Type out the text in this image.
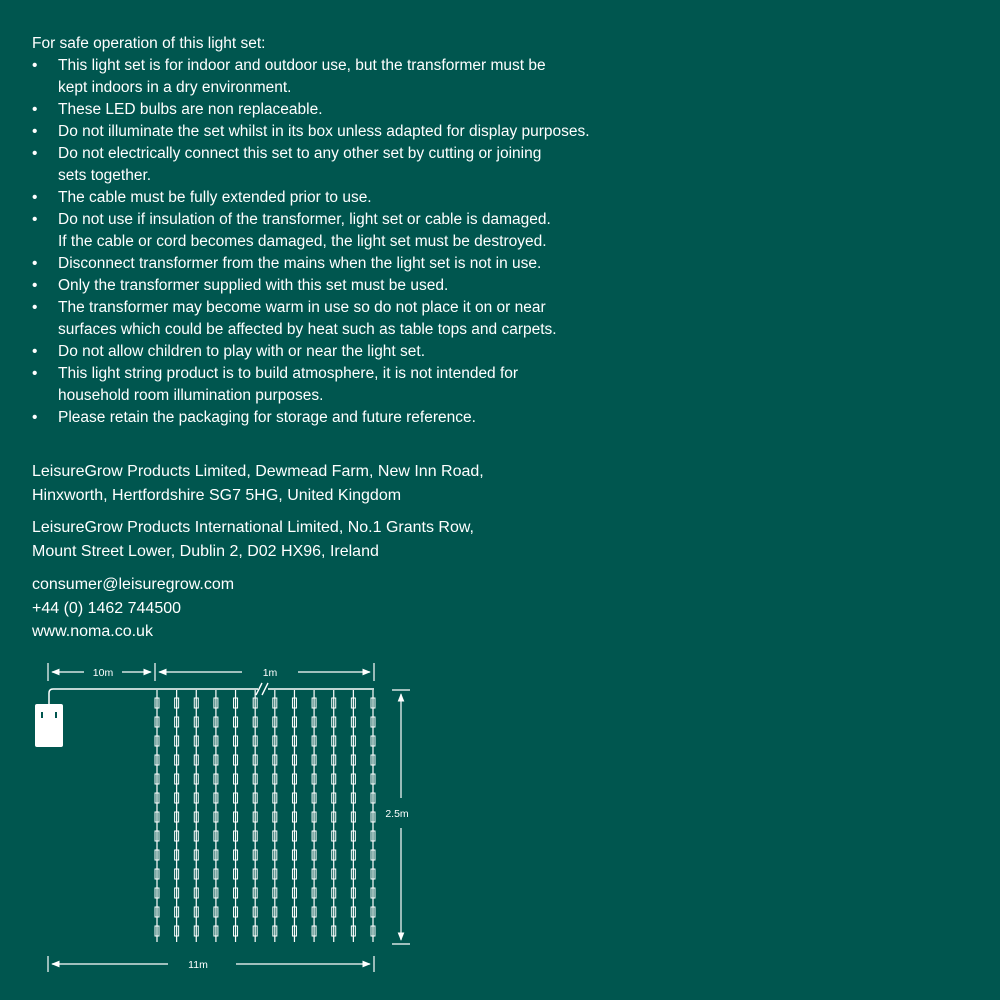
For safe operation of this light set:

• This light set is for indoor and outdoor use, but the transformer must be
kept indoors in a dry environment.
• These LED bulbs are non replaceable.
• Do not illuminate the set whilst in its box unless adapted for display purposes.
• Do not electrically connect this set to any other set by cutting or joining
sets together.
• The cable must be fully extended prior to use.
• Do not use if insulation of the transformer, light set or cable is damaged.
If the cable or cord becomes damaged, the light set must be destroyed.
• Disconnect transformer from the mains when the light set is not in use.
• Only the transformer supplied with this set must be used.
• The transformer may become warm in use so do not place it on or near
surfaces which could be affected by heat such as table tops and carpets.
• Do not allow children to play with or near the light set.
• This light string product is to build atmosphere, it is not intended for
household room illumination purposes.
• Please retain the packaging for storage and future reference.

LeisureGrow Products Limited, Dewmead Farm, New Inn Road,
Hinxworth, Hertfordshire SG7 5HG, United Kingdom

LeisureGrow Products International Limited, No.1 Grants Row,
Mount Street Lower, Dublin 2, D02 HX96, Ireland

consumer@leisuregrow.com
+44 (0) 1462 744500
www.noma.co.uk

10m	1m
2.5m
11m
